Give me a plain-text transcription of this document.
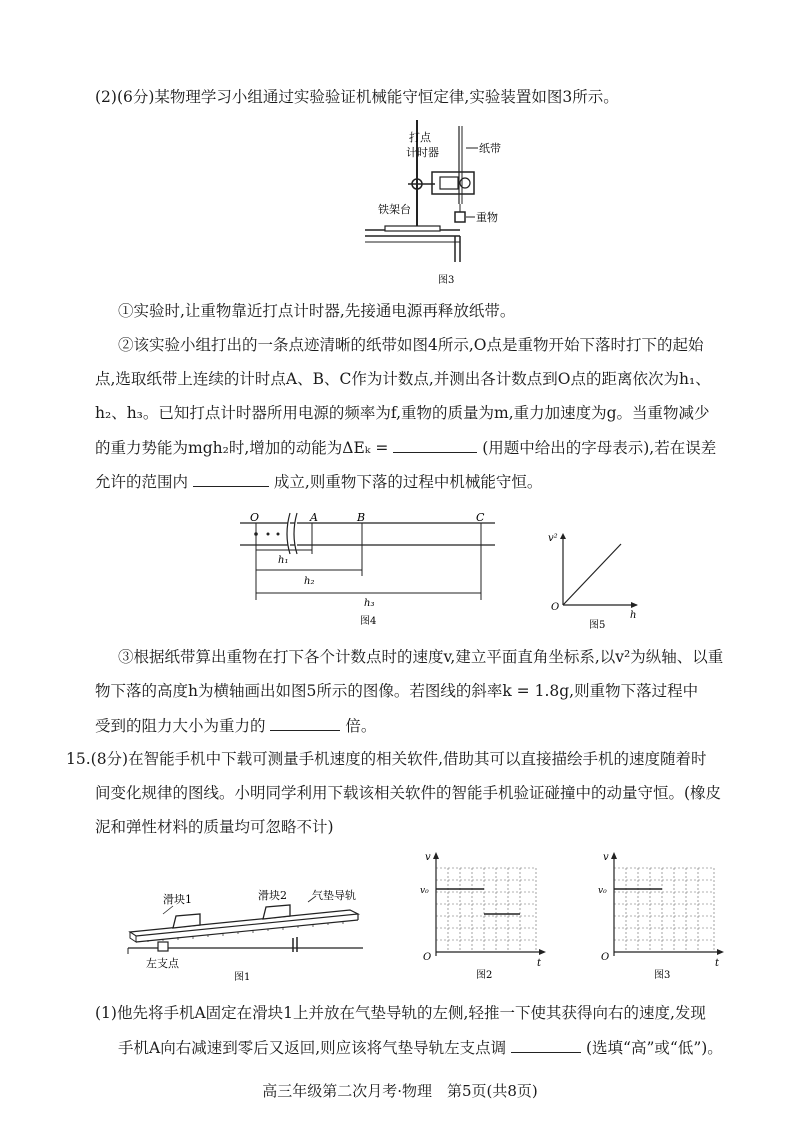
(2)(6分)某物理学习小组通过实验验证机械能守恒定律,实验装置如图3所示。
打点
计时器	纸带
铁架台
重物
图3
①实验时,让重物靠近打点计时器,先接通电源再释放纸带。
②该实验小组打出的一条点迹清晰的纸带如图4所示,O点是重物开始下落时打下的起始
点,选取纸带上连续的计时点A、B、C作为计数点,并测出各计数点到O点的距离依次为h₁、
h₂、h₃。已知打点计时器所用电源的频率为f,重物的质量为m,重力加速度为g。当重物减少
的重力势能为mgh₂时,增加的动能为ΔEₖ =	(用题中给出的字母表示),若在误差
允许的范围内	成立,则重物下落的过程中机械能守恒。
O	A	B	C
h₁
h₂
h₃
图4
v²
h
O
图5
③根据纸带算出重物在打下各个计数点时的速度v,建立平面直角坐标系,以v²为纵轴、以重
物下落的高度h为横轴画出如图5所示的图像。若图线的斜率k = 1.8g,则重物下落过程中
受到的阻力大小为重力的	倍。
15.(8分)在智能手机中下载可测量手机速度的相关软件,借助其可以直接描绘手机的速度随着时
间变化规律的图线。小明同学利用下载该相关软件的智能手机验证碰撞中的动量守恒。(橡皮
泥和弹性材料的质量均可忽略不计)
滑块1	滑块2 气垫导轨
左支点
图1
v
v₀
t
O
图2
v
v₀
t
O
图3
(1)他先将手机A固定在滑块1上并放在气垫导轨的左侧,轻推一下使其获得向右的速度,发现
手机A向右减速到零后又返回,则应该将气垫导轨左支点调	(选填“高”或“低”)。
高三年级第二次月考·物理　第5页(共8页)
